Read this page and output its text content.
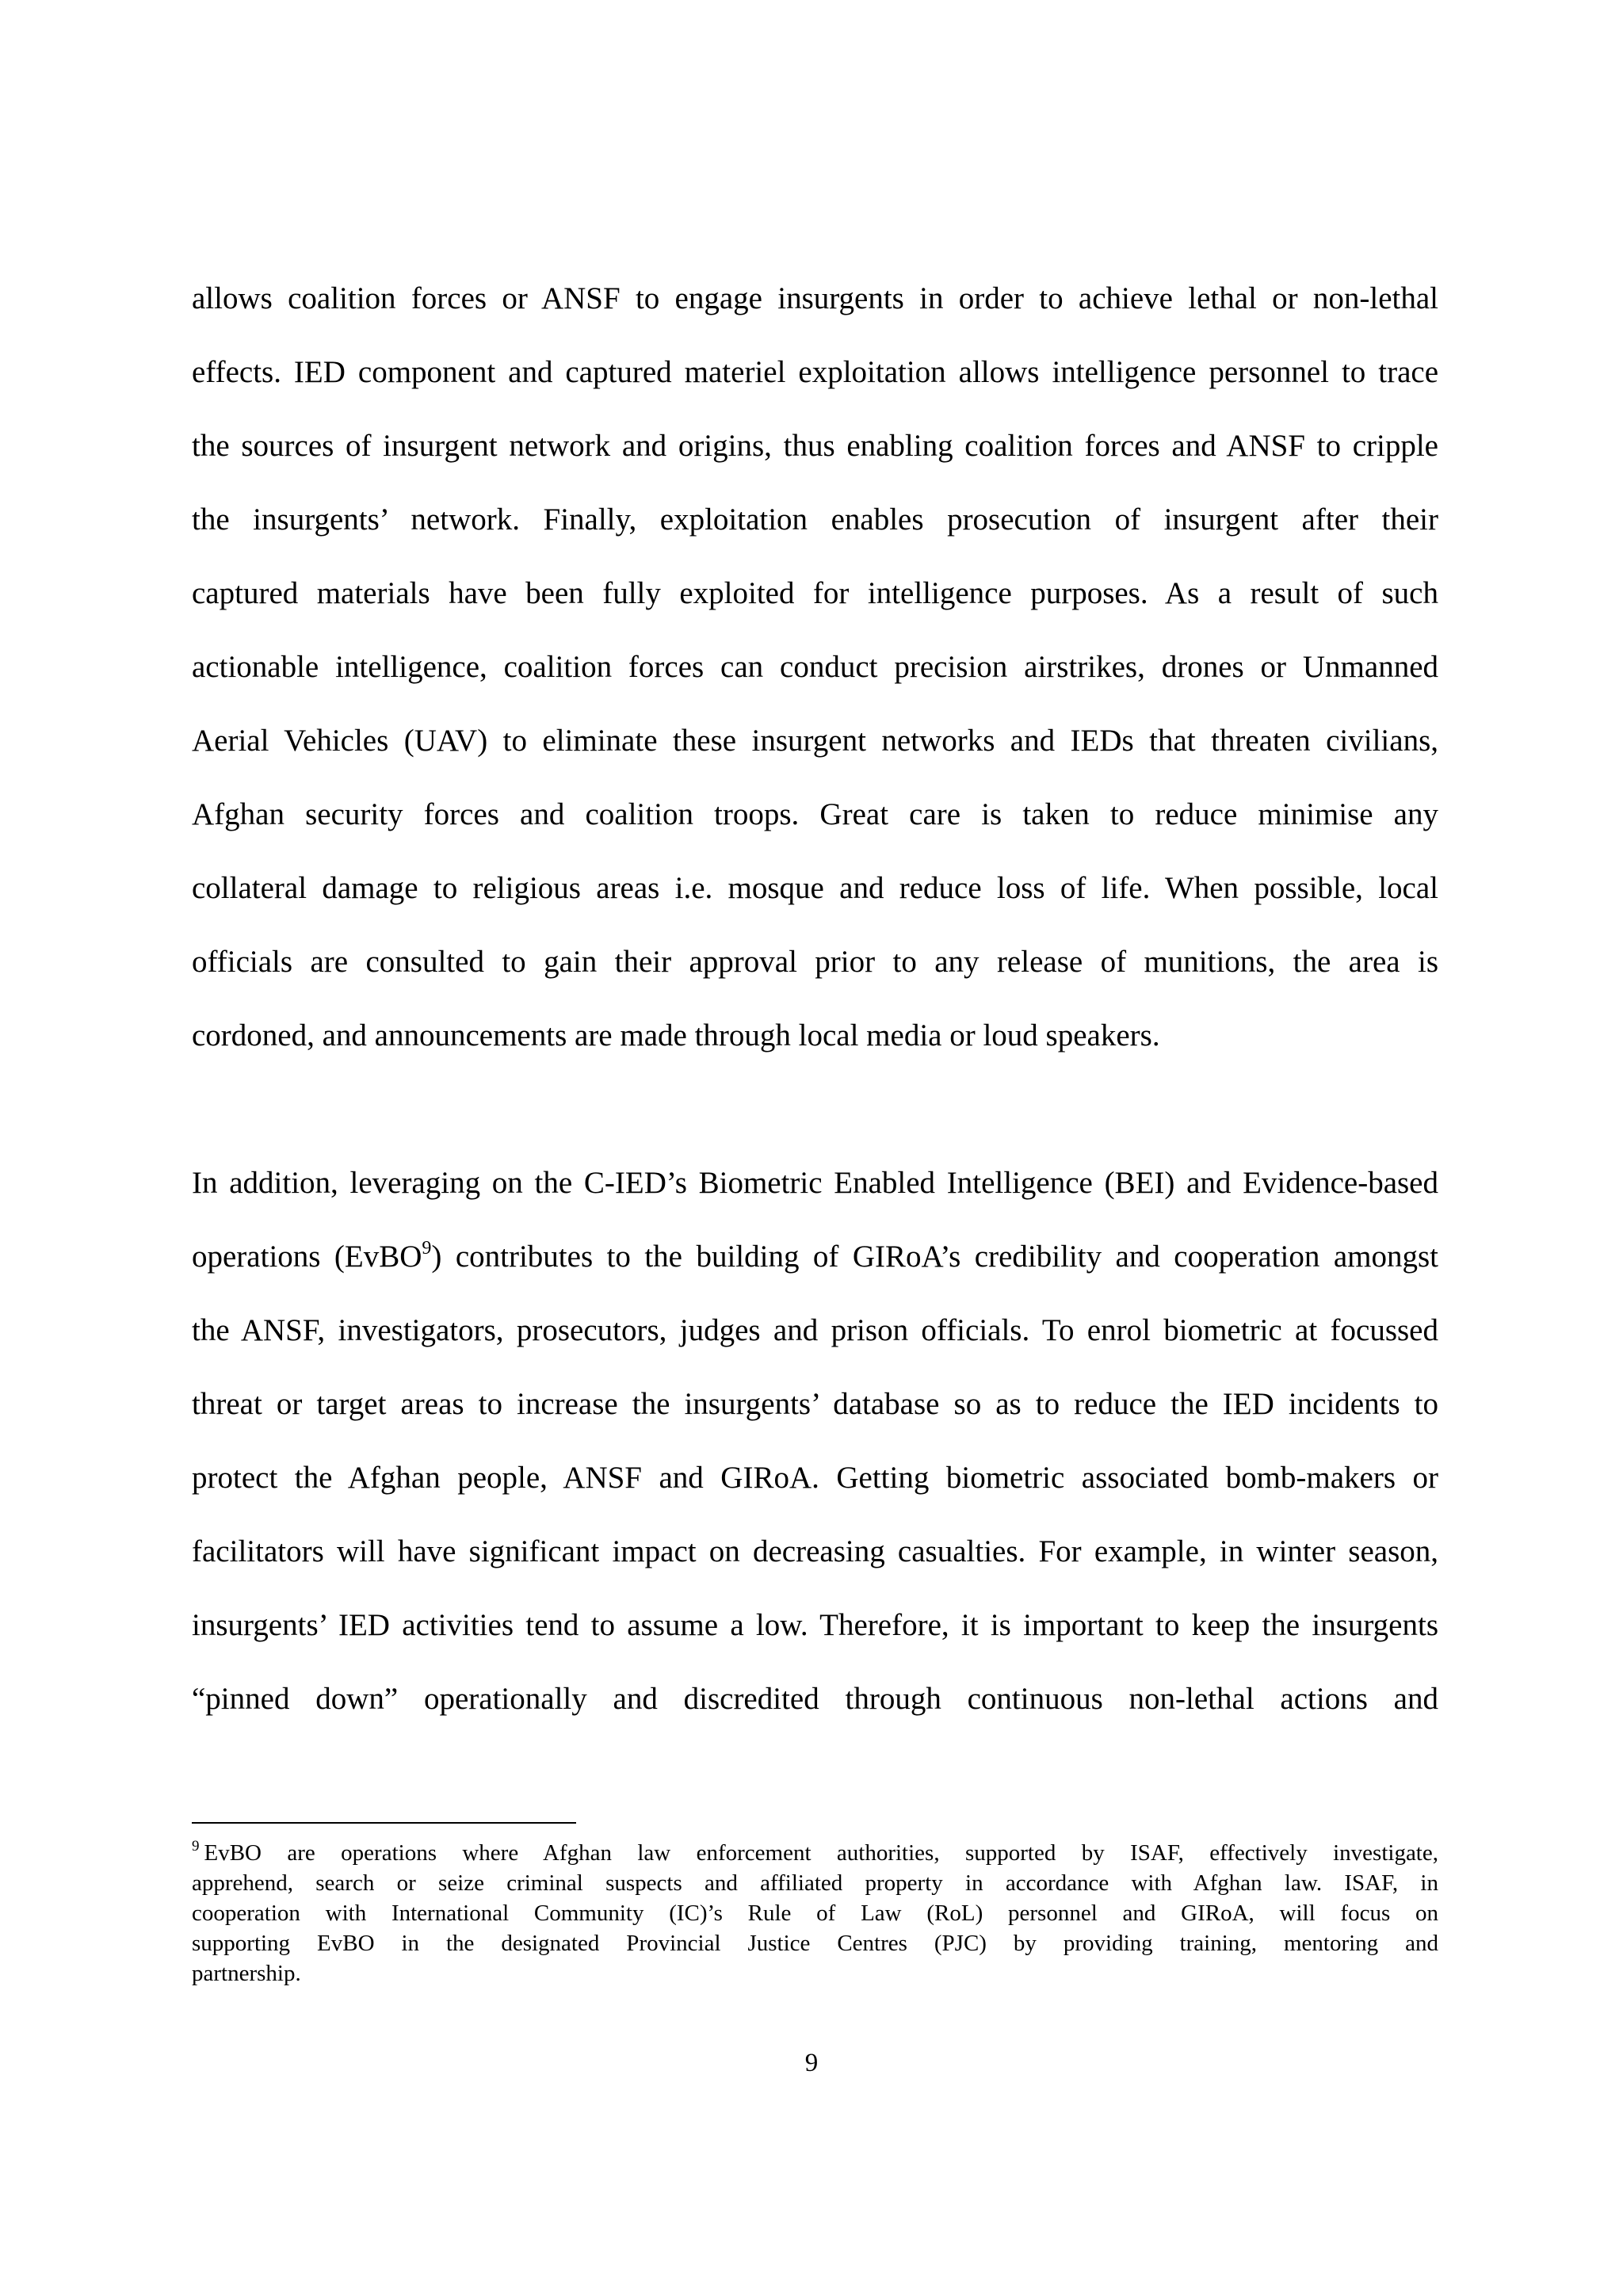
allows coalition forces or ANSF to engage insurgents in order to achieve lethal or non-lethal
effects. IED component and captured materiel exploitation allows intelligence personnel to trace
the sources of insurgent network and origins, thus enabling coalition forces and ANSF to cripple
the insurgents’ network. Finally, exploitation enables prosecution of insurgent after their
captured materials have been fully exploited for intelligence purposes. As a result of such
actionable intelligence, coalition forces can conduct precision airstrikes, drones or Unmanned
Aerial Vehicles (UAV) to eliminate these insurgent networks and IEDs that threaten civilians,
Afghan security forces and coalition troops. Great care is taken to reduce minimise any
collateral damage to religious areas i.e. mosque and reduce loss of life. When possible, local
officials are consulted to gain their approval prior to any release of munitions, the area is
cordoned, and announcements are made through local media or loud speakers.
In addition, leveraging on the C-IED’s Biometric Enabled Intelligence (BEI) and Evidence-based
operations (EvBO$^9$) contributes to the building of GIRoA’s credibility and cooperation amongst
the ANSF, investigators, prosecutors, judges and prison officials. To enrol biometric at focussed
threat or target areas to increase the insurgents’ database so as to reduce the IED incidents to
protect the Afghan people, ANSF and GIRoA. Getting biometric associated bomb-makers or
facilitators will have significant impact on decreasing casualties. For example, in winter season,
insurgents’ IED activities tend to assume a low. Therefore, it is important to keep the insurgents
“pinned down” operationally and discredited through continuous non-lethal actions and
$^9$ EvBO are operations where Afghan law enforcement authorities, supported by ISAF, effectively investigate,
apprehend, search or seize criminal suspects and affiliated property in accordance with Afghan law. ISAF, in
cooperation with International Community (IC)’s Rule of Law (RoL) personnel and GIRoA, will focus on
supporting EvBO in the designated Provincial Justice Centres (PJC) by providing training, mentoring and
partnership.
9
